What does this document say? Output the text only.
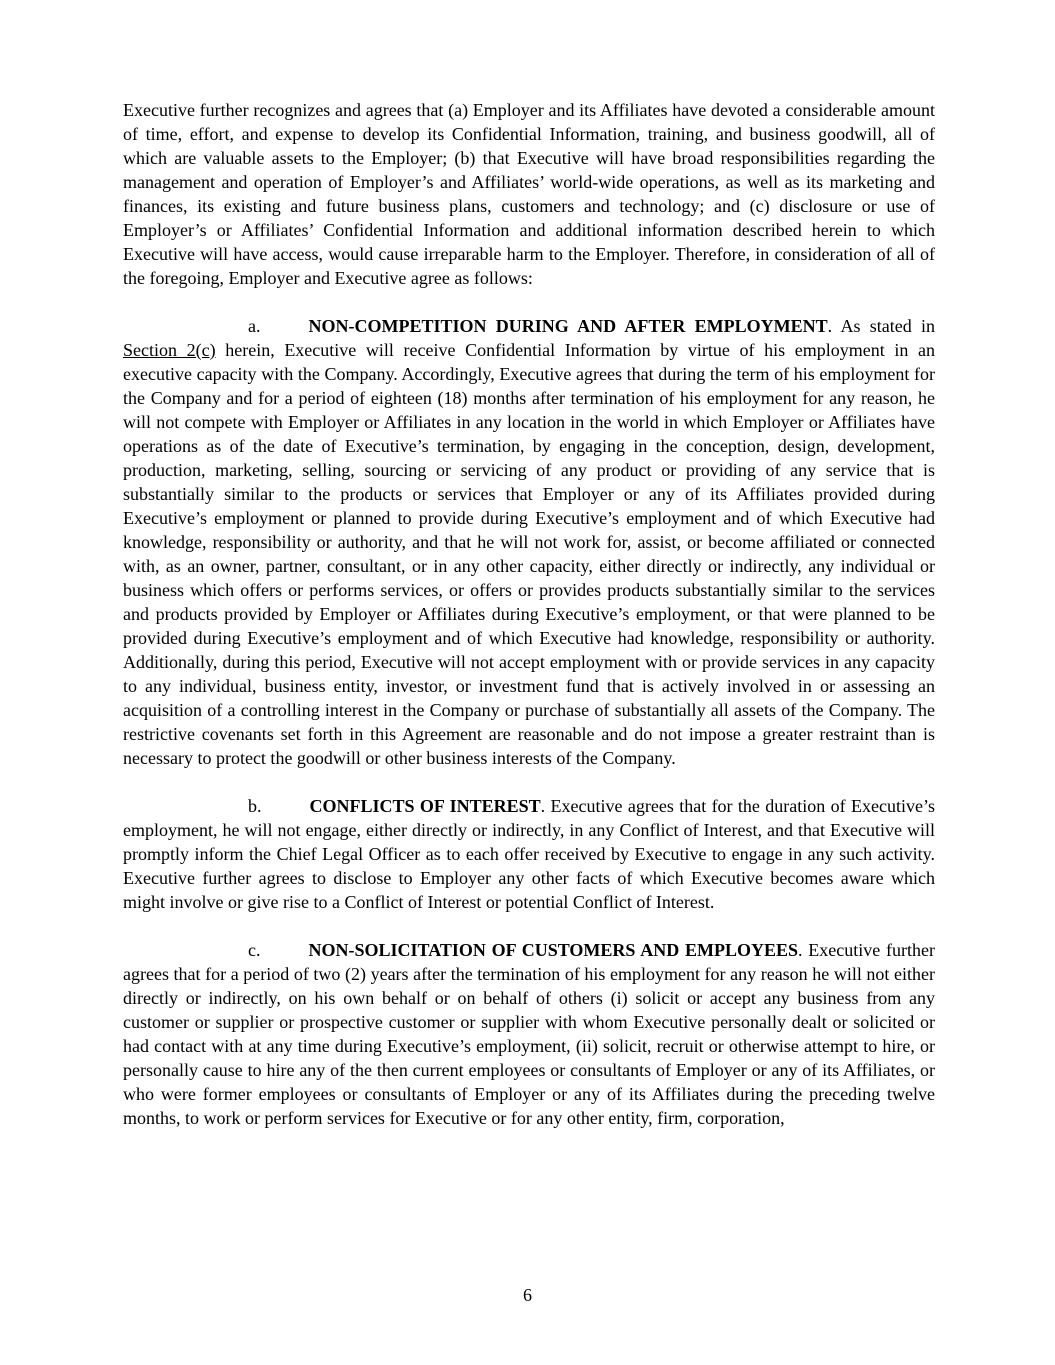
Executive further recognizes and agrees that (a) Employer and its Affiliates have devoted a considerable amount of time, effort, and expense to develop its Confidential Information, training, and business goodwill, all of which are valuable assets to the Employer; (b) that Executive will have broad responsibilities regarding the management and operation of Employer’s and Affiliates’ world-wide operations, as well as its marketing and finances, its existing and future business plans, customers and technology; and (c) disclosure or use of Employer’s or Affiliates’ Confidential Information and additional information described herein to which Executive will have access, would cause irreparable harm to the Employer. Therefore, in consideration of all of the foregoing, Employer and Executive agree as follows:

a.	NON-COMPETITION DURING AND AFTER EMPLOYMENT. As stated in Section 2(c) herein, Executive will receive Confidential Information by virtue of his employment in an executive capacity with the Company. Accordingly, Executive agrees that during the term of his employment for the Company and for a period of eighteen (18) months after termination of his employment for any reason, he will not compete with Employer or Affiliates in any location in the world in which Employer or Affiliates have operations as of the date of Executive’s termination, by engaging in the conception, design, development, production, marketing, selling, sourcing or servicing of any product or providing of any service that is substantially similar to the products or services that Employer or any of its Affiliates provided during Executive’s employment or planned to provide during Executive’s employment and of which Executive had knowledge, responsibility or authority, and that he will not work for, assist, or become affiliated or connected with, as an owner, partner, consultant, or in any other capacity, either directly or indirectly, any individual or business which offers or performs services, or offers or provides products substantially similar to the services and products provided by Employer or Affiliates during Executive’s employment, or that were planned to be provided during Executive’s employment and of which Executive had knowledge, responsibility or authority. Additionally, during this period, Executive will not accept employment with or provide services in any capacity to any individual, business entity, investor, or investment fund that is actively involved in or assessing an acquisition of a controlling interest in the Company or purchase of substantially all assets of the Company. The restrictive covenants set forth in this Agreement are reasonable and do not impose a greater restraint than is necessary to protect the goodwill or other business interests of the Company.

b.	CONFLICTS OF INTEREST. Executive agrees that for the duration of Executive’s employment, he will not engage, either directly or indirectly, in any Conflict of Interest, and that Executive will promptly inform the Chief Legal Officer as to each offer received by Executive to engage in any such activity. Executive further agrees to disclose to Employer any other facts of which Executive becomes aware which might involve or give rise to a Conflict of Interest or potential Conflict of Interest.

c.	NON-SOLICITATION OF CUSTOMERS AND EMPLOYEES. Executive further agrees that for a period of two (2) years after the termination of his employment for any reason he will not either directly or indirectly, on his own behalf or on behalf of others (i) solicit or accept any business from any customer or supplier or prospective customer or supplier with whom Executive personally dealt or solicited or had contact with at any time during Executive’s employment, (ii) solicit, recruit or otherwise attempt to hire, or personally cause to hire any of the then current employees or consultants of Employer or any of its Affiliates, or who were former employees or consultants of Employer or any of its Affiliates during the preceding twelve months, to work or perform services for Executive or for any other entity, firm, corporation,

6
